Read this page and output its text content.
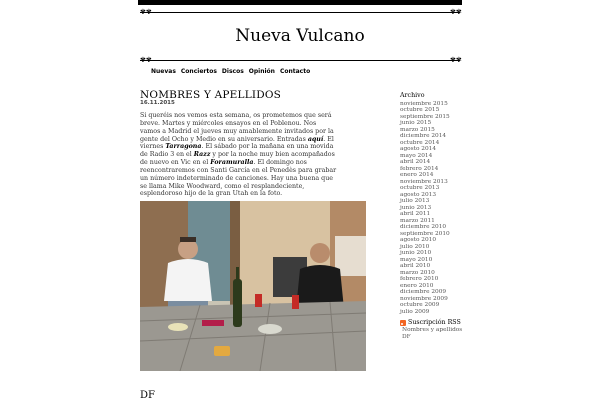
✾✾	✾✾
Nueva Vulcano
✾✾	✾✾
Nuevas Conciertos Discos Opinión Contacto
NOMBRES Y APELLIDOS
16.11.2015
Si queréis nos vemos esta semana, os prometemos que será breve. Martes y miércoles ensayos en el Poblenou. Nos vamos a Madrid el jueves muy amablemente invitados por la gente del Ocho y Medio en su aniversario. Entradas aquí. El viernes Tarragona. El sábado por la mañana en una movida de Radio 3 en el Razz y por la noche muy bien acompañados de nuevo en Vic en el Foramuralla. El domingo nos reencontraremos con Santi García en el Penedès para grabar un número indeterminado de canciones. Hay una buena que se llama Mike Woodward, como el resplandeciente, esplendoroso hijo de la gran Utah en la foto.
DF
Archivo
noviembre 2015
octubre 2015
septiembre 2015
junio 2015
marzo 2015
diciembre 2014
octubre 2014
agosto 2014
mayo 2014
abril 2014
febrero 2014
enero 2014
noviembre 2013
octubre 2013
agosto 2013
julio 2013
junio 2013
abril 2011
marzo 2011
diciembre 2010
septiembre 2010
agosto 2010
julio 2010
junio 2010
mayo 2010
abril 2010
marzo 2010
febrero 2010
enero 2010
diciembre 2009
noviembre 2009
octubre 2009
julio 2009
Suscripción RSS
Nombres y apellidos
DF
